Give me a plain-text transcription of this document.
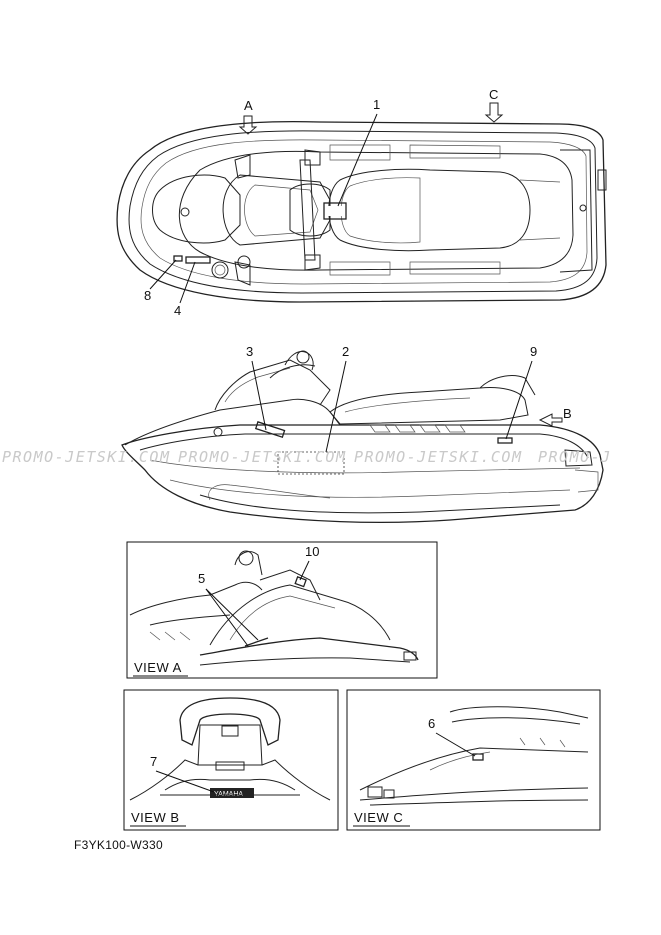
A
C
1
8
4
B
3	2	9
PROMO-JETSKI.COM PROMO-JETSKI.COM PROMO-JETSKI.COM PROMO-J
5
10
VIEW A
YAMAHA
7
VIEW B
6
VIEW C
F3YK100-W330
